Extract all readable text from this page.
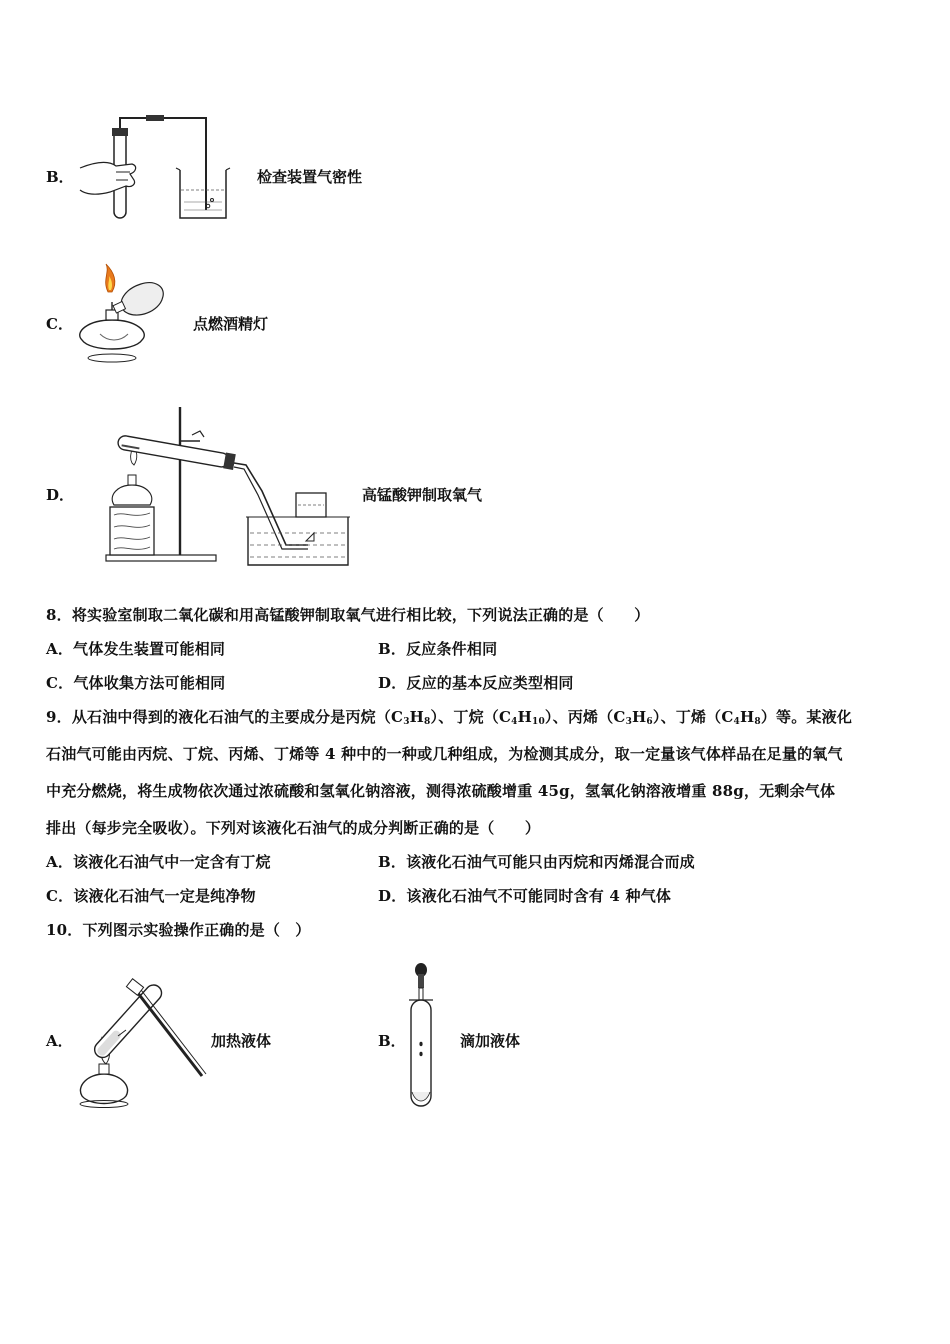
B．	检查装置气密性
C．	点燃酒精灯
D．	高锰酸钾制取氧气
8．将实验室制取二氧化碳和用高锰酸钾制取氧气进行相比较，下列说法正确的是（　　）
A．气体发生装置可能相同	B．反应条件相同
C．气体收集方法可能相同	D．反应的基本反应类型相同
9．从石油中得到的液化石油气的主要成分是丙烷$(C_3H_8)$、丁烷$(C_4H_{10})$、丙烯$(C_3H_6)$、丁烯$(C_4H_8)$等。某液化
石油气可能由丙烷、丁烷、丙烯、丁烯等 4 种中的一种或几种组成，为检测其成分，取一定量该气体样品在足量的氧气
中充分燃烧，将生成物依次通过浓硫酸和氢氧化钠溶液，测得浓硫酸增重 45g，氢氧化钠溶液增重 88g，无剩余气体
排出（每步完全吸收）。下列对该液化石油气的成分判断正确的是（　　）
A．该液化石油气中一定含有丁烷	B．该液化石油气可能只由丙烷和丙烯混合而成
C．该液化石油气一定是纯净物	D．该液化石油气不可能同时含有 4 种气体
10．下列图示实验操作正确的是（　）
A．	加热液体	B．	滴加液体
